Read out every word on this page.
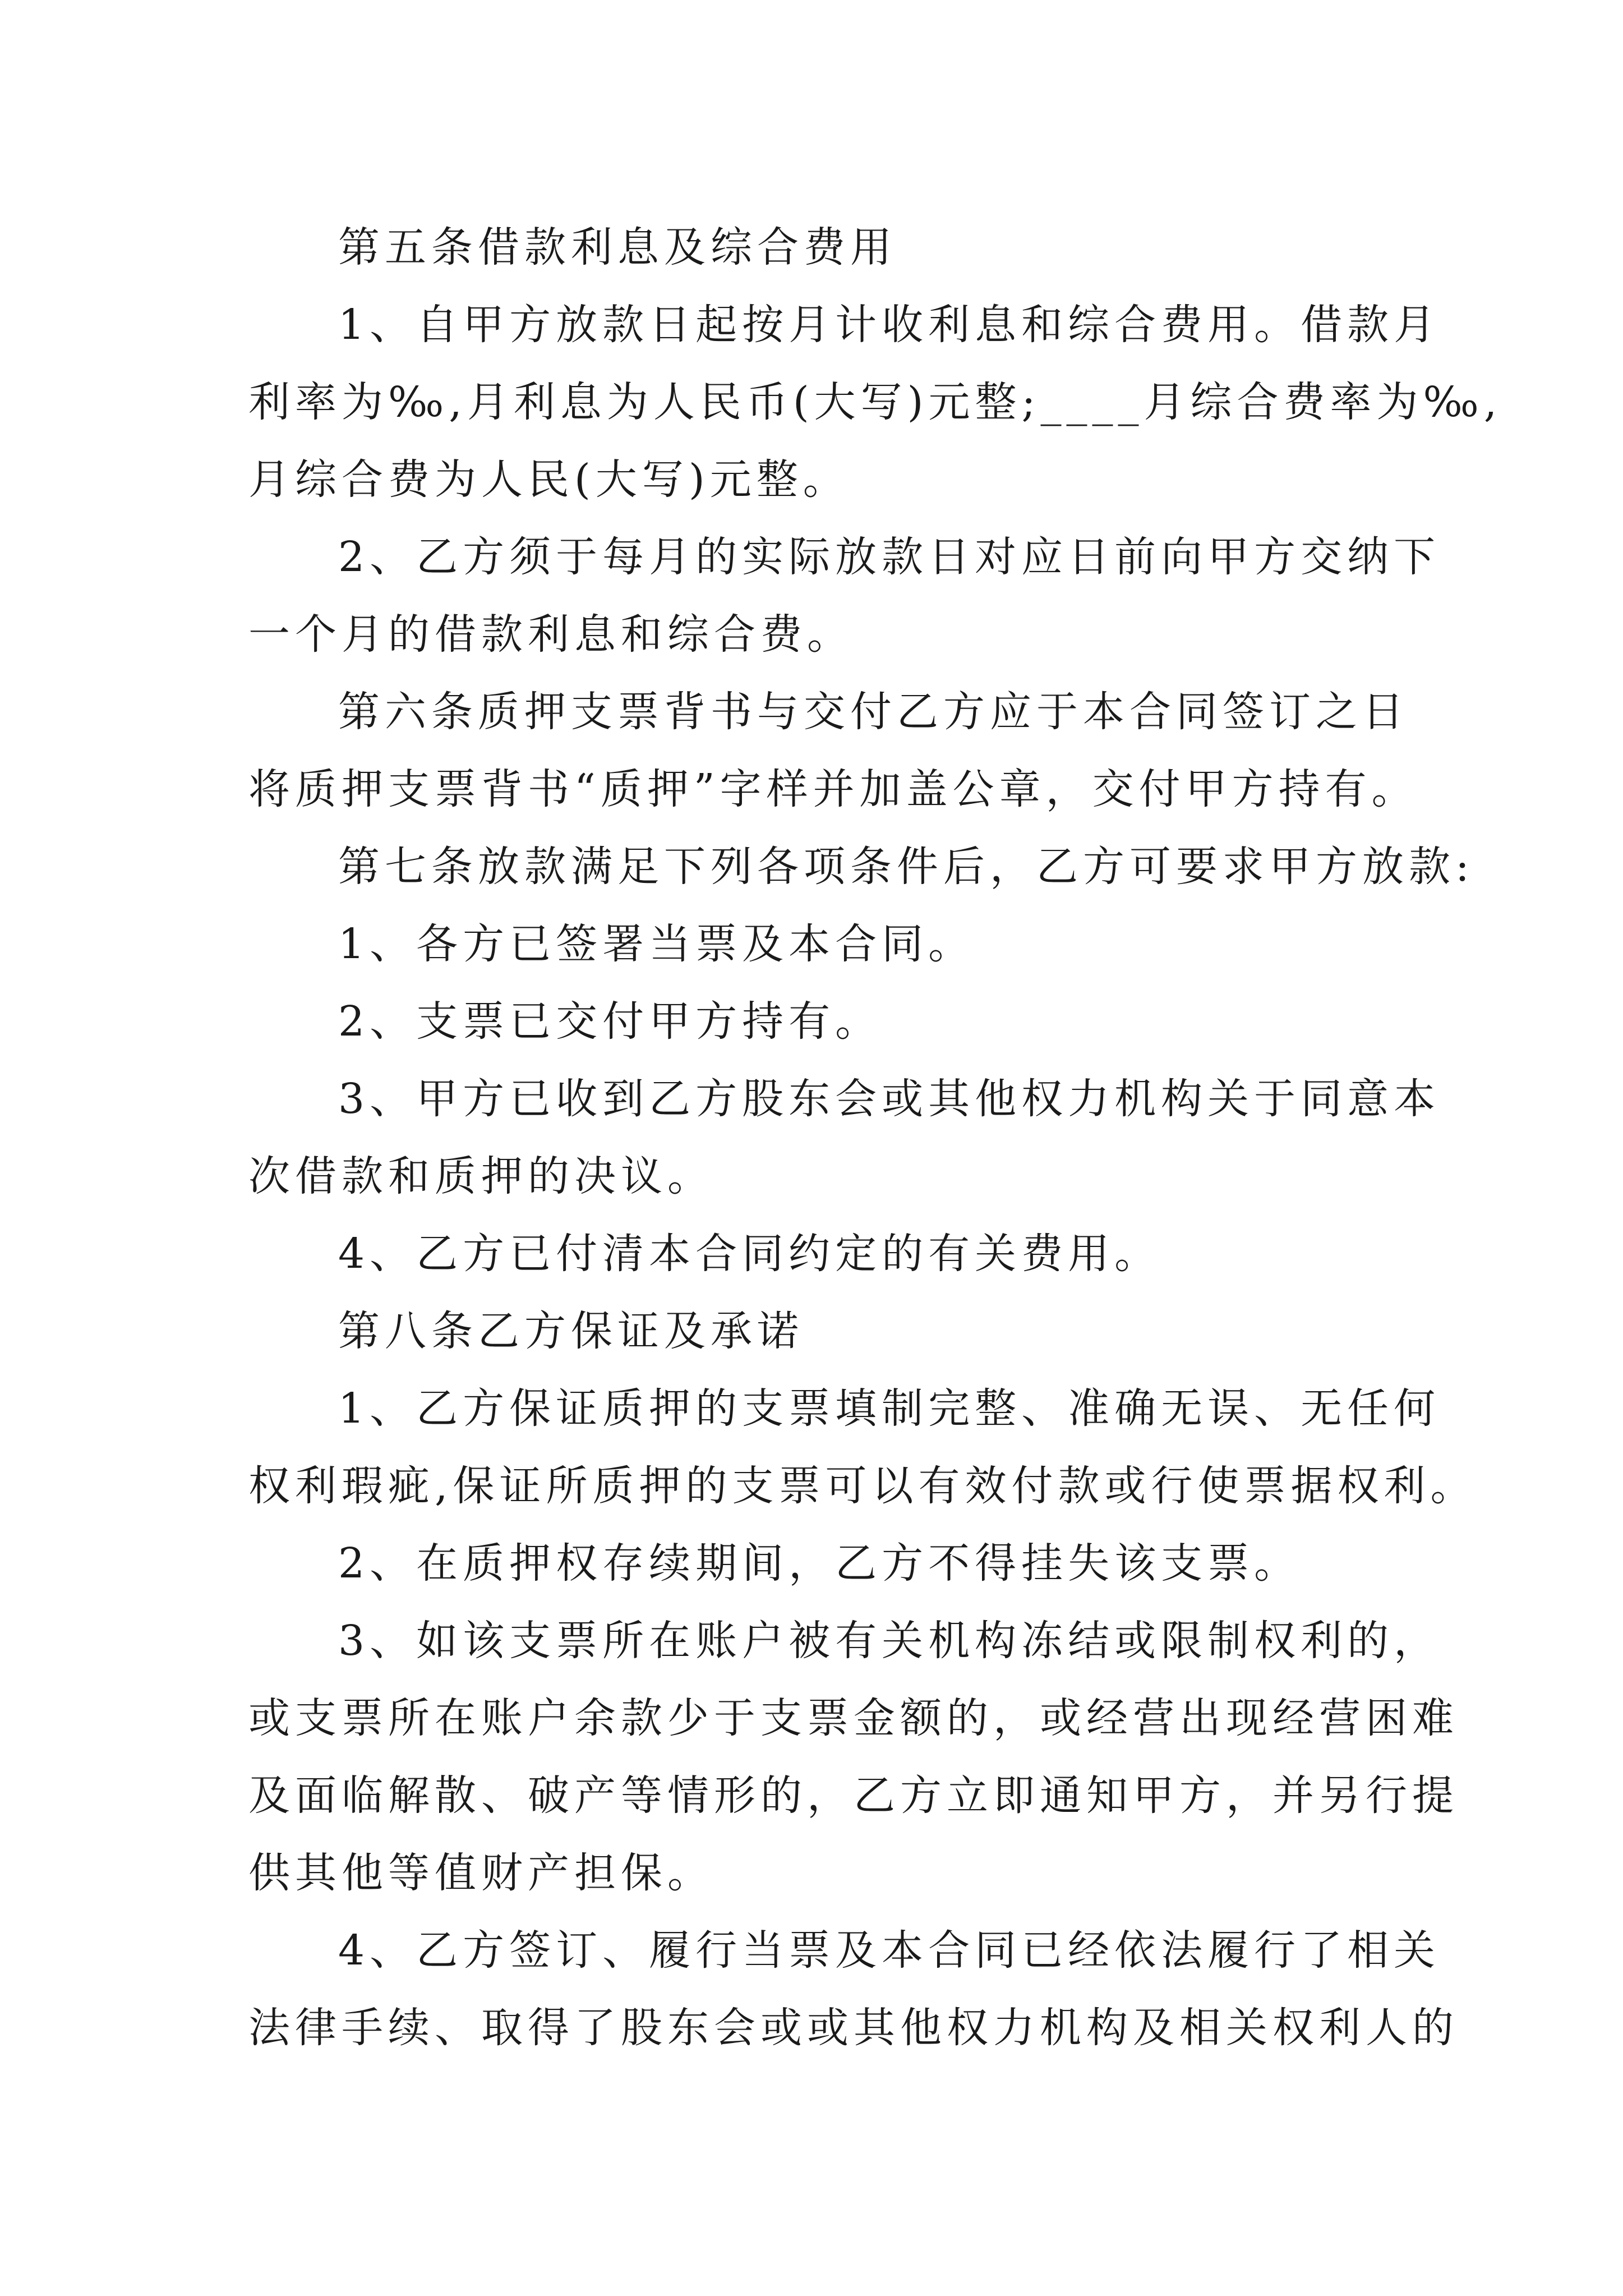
第五条借款利息及综合费用
1、自甲方放款日起按月计收利息和综合费用。借款月
利率为‰,月利息为人民币(大写)元整;____月综合费率为‰,
月综合费为人民(大写)元整。
2、乙方须于每月的实际放款日对应日前向甲方交纳下
一个月的借款利息和综合费。
第六条质押支票背书与交付乙方应于本合同签订之日
将质押支票背书“质押”字样并加盖公章，交付甲方持有。
第七条放款满足下列各项条件后，乙方可要求甲方放款:
1、各方已签署当票及本合同。
2、支票已交付甲方持有。
3、甲方已收到乙方股东会或其他权力机构关于同意本
次借款和质押的决议。
4、乙方已付清本合同约定的有关费用。
第八条乙方保证及承诺
1、乙方保证质押的支票填制完整、准确无误、无任何
权利瑕疵,保证所质押的支票可以有效付款或行使票据权利。
2、在质押权存续期间，乙方不得挂失该支票。
3、如该支票所在账户被有关机构冻结或限制权利的，
或支票所在账户余款少于支票金额的，或经营出现经营困难
及面临解散、破产等情形的，乙方立即通知甲方，并另行提
供其他等值财产担保。
4、乙方签订、履行当票及本合同已经依法履行了相关
法律手续、取得了股东会或或其他权力机构及相关权利人的
